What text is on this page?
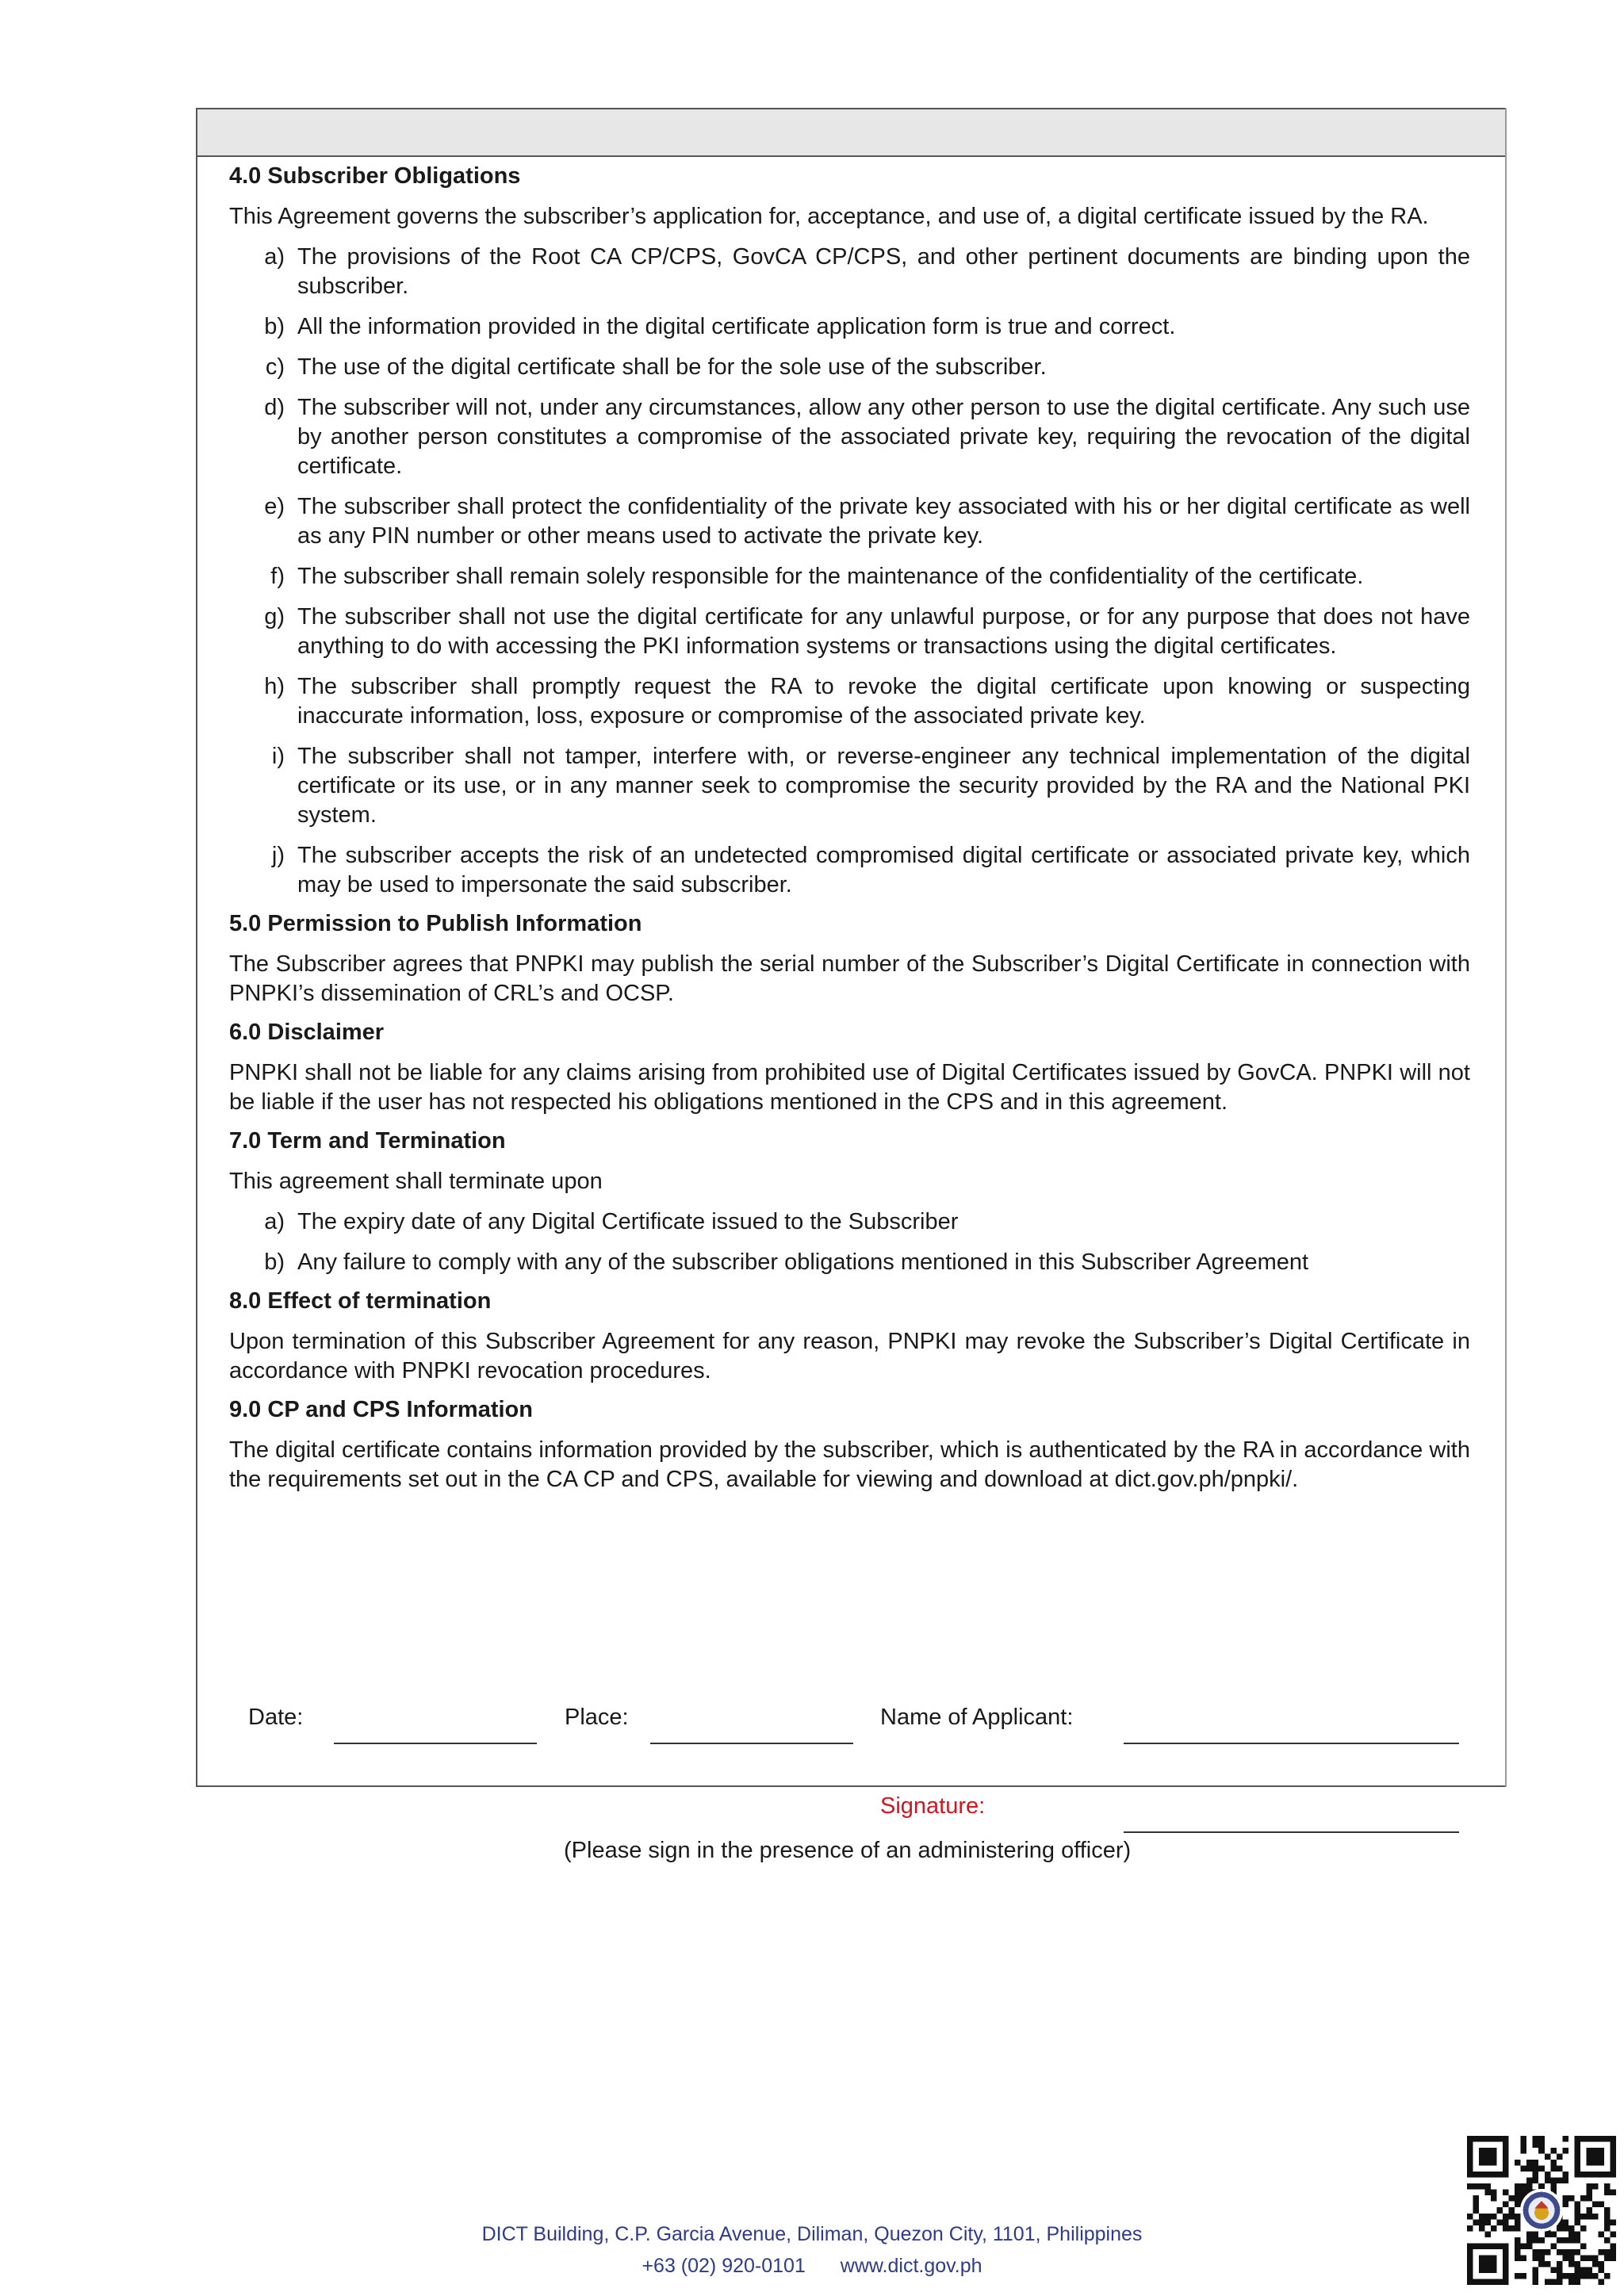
4.0 Subscriber Obligations

This Agreement governs the subscriber’s application for, acceptance, and use of, a digital certificate issued by the RA.

a) The provisions of the Root CA CP/CPS, GovCA CP/CPS, and other pertinent documents are binding upon the subscriber.
b) All the information provided in the digital certificate application form is true and correct.
c) The use of the digital certificate shall be for the sole use of the subscriber.
d) The subscriber will not, under any circumstances, allow any other person to use the digital certificate. Any such use by another person constitutes a compromise of the associated private key, requiring the revocation of the digital certificate.
e) The subscriber shall protect the confidentiality of the private key associated with his or her digital certificate as well as any PIN number or other means used to activate the private key.
f) The subscriber shall remain solely responsible for the maintenance of the confidentiality of the certificate.
g) The subscriber shall not use the digital certificate for any unlawful purpose, or for any purpose that does not have anything to do with accessing the PKI information systems or transactions using the digital certificates.
h) The subscriber shall promptly request the RA to revoke the digital certificate upon knowing or suspecting inaccurate information, loss, exposure or compromise of the associated private key.
i) The subscriber shall not tamper, interfere with, or reverse-engineer any technical implementation of the digital certificate or its use, or in any manner seek to compromise the security provided by the RA and the National PKI system.
j) The subscriber accepts the risk of an undetected compromised digital certificate or associated private key, which may be used to impersonate the said subscriber.
5.0 Permission to Publish Information

The Subscriber agrees that PNPKI may publish the serial number of the Subscriber’s Digital Certificate in connection with PNPKI’s dissemination of CRL’s and OCSP.

6.0 Disclaimer

PNPKI shall not be liable for any claims arising from prohibited use of Digital Certificates issued by GovCA. PNPKI will not be liable if the user has not respected his obligations mentioned in the CPS and in this agreement.

7.0 Term and Termination

This agreement shall terminate upon

a) The expiry date of any Digital Certificate issued to the Subscriber
b) Any failure to comply with any of the subscriber obligations mentioned in this Subscriber Agreement
8.0 Effect of termination

Upon termination of this Subscriber Agreement for any reason, PNPKI may revoke the Subscriber’s Digital Certificate in accordance with PNPKI revocation procedures.

9.0 CP and CPS Information

The digital certificate contains information provided by the subscriber, which is authenticated by the RA in accordance with the requirements set out in the CA CP and CPS, available for viewing and download at dict.gov.ph/pnpki/.

Date:	Place:	Name of Applicant:
Signature:
(Please sign in the presence of an administering officer)
DICT Building, C.P. Garcia Avenue, Diliman, Quezon City, 1101, Philippines
+63 (02) 920-0101 www.dict.gov.ph
